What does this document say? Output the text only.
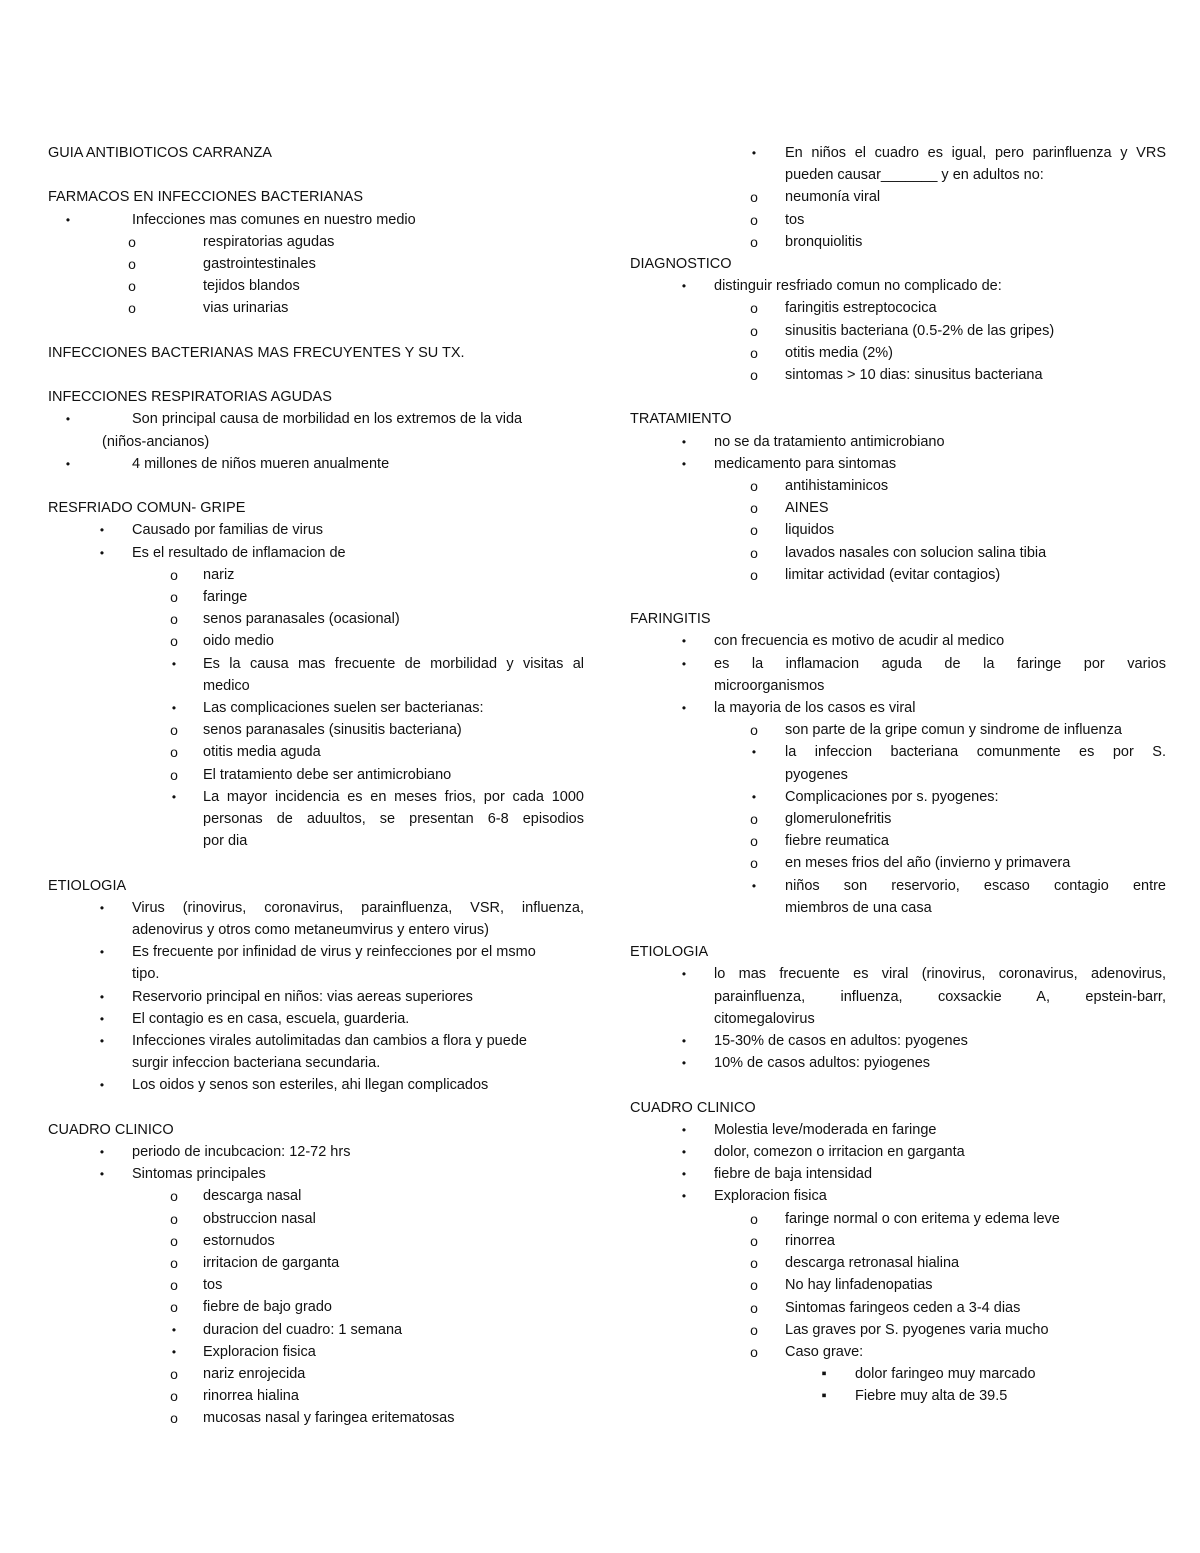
GUIA ANTIBIOTICOS CARRANZA
FARMACOS EN INFECCIONES BACTERIANAS
•	Infecciones mas comunes en nuestro medio
o	respiratorias agudas
o	gastrointestinales
o	tejidos blandos
o	vias urinarias
INFECCIONES BACTERIANAS MAS FRECUYENTES Y SU TX.
INFECCIONES RESPIRATORIAS AGUDAS
•	Son principal causa de morbilidad en los extremos de la vida
(niños-ancianos)
•	4 millones de niños mueren anualmente
RESFRIADO COMUN- GRIPE
•	Causado por familias de virus
•	Es el resultado de inflamacion de
o	nariz
o	faringe
o	senos paranasales (ocasional)
o	oido medio
•	Es la causa mas frecuente de morbilidad y visitas al
medico
•	Las complicaciones suelen ser bacterianas:
o	senos paranasales (sinusitis bacteriana)
o	otitis media aguda
o	El tratamiento debe ser antimicrobiano
•	La mayor incidencia es en meses frios, por cada 1000
personas de aduultos, se presentan 6-8 episodios
por dia
ETIOLOGIA
•	Virus (rinovirus, coronavirus, parainfluenza, VSR, influenza,
adenovirus y otros como metaneumvirus y entero virus)
•	Es frecuente por infinidad de virus y reinfecciones por el msmo
tipo.
•	Reservorio principal en niños: vias aereas superiores
•	El contagio es en casa, escuela, guarderia.
•	Infecciones virales autolimitadas dan cambios a flora y puede
surgir infeccion bacteriana secundaria.
•	Los oidos y senos son esteriles, ahi llegan complicados
CUADRO CLINICO
•	periodo de incubcacion: 12-72 hrs
•	Sintomas principales
o	descarga nasal
o	obstruccion nasal
o	estornudos
o	irritacion de garganta
o	tos
o	fiebre de bajo grado
•	duracion del cuadro: 1 semana
•	Exploracion fisica
o	nariz enrojecida
o	rinorrea hialina
o	mucosas nasal y faringea eritematosas
•	En niños el cuadro es igual, pero parinfluenza y VRS
pueden causar_______ y en adultos no:
o	neumonía viral
o	tos
o	bronquiolitis
DIAGNOSTICO
•	distinguir resfriado comun no complicado de:
o	faringitis estreptococica
o	sinusitis bacteriana (0.5-2% de las gripes)
o	otitis media (2%)
o	sintomas > 10 dias: sinusitus bacteriana
TRATAMIENTO
•	no se da tratamiento antimicrobiano
•	medicamento para sintomas
o	antihistaminicos
o	AINES
o	liquidos
o	lavados nasales con solucion salina tibia
o	limitar actividad (evitar contagios)
FARINGITIS
•	con frecuencia es motivo de acudir al medico
•	es la inflamacion aguda de la faringe por varios
microorganismos
•	la mayoria de los casos es viral
o	son parte de la gripe comun y sindrome de influenza
•	la infeccion bacteriana comunmente es por S.
pyogenes
•	Complicaciones por s. pyogenes:
o	glomerulonefritis
o	fiebre reumatica
o	en meses frios del año (invierno y primavera
•	niños son reservorio, escaso contagio entre
miembros de una casa
ETIOLOGIA
•	lo mas frecuente es viral (rinovirus, coronavirus, adenovirus,
parainfluenza, influenza, coxsackie A, epstein-barr,
citomegalovirus
•	15-30% de casos en adultos: pyogenes
•	10% de casos adultos: pyiogenes
CUADRO CLINICO
•	Molestia leve/moderada en faringe
•	dolor, comezon o irritacion en garganta
•	fiebre de baja intensidad
•	Exploracion fisica
o	faringe normal o con eritema y edema leve
o	rinorrea
o	descarga retronasal hialina
o	No hay linfadenopatias
o	Sintomas faringeos ceden a 3-4 dias
o	Las graves por S. pyogenes varia mucho
o	Caso grave:
▪	dolor faringeo muy marcado
▪	Fiebre muy alta de 39.5
